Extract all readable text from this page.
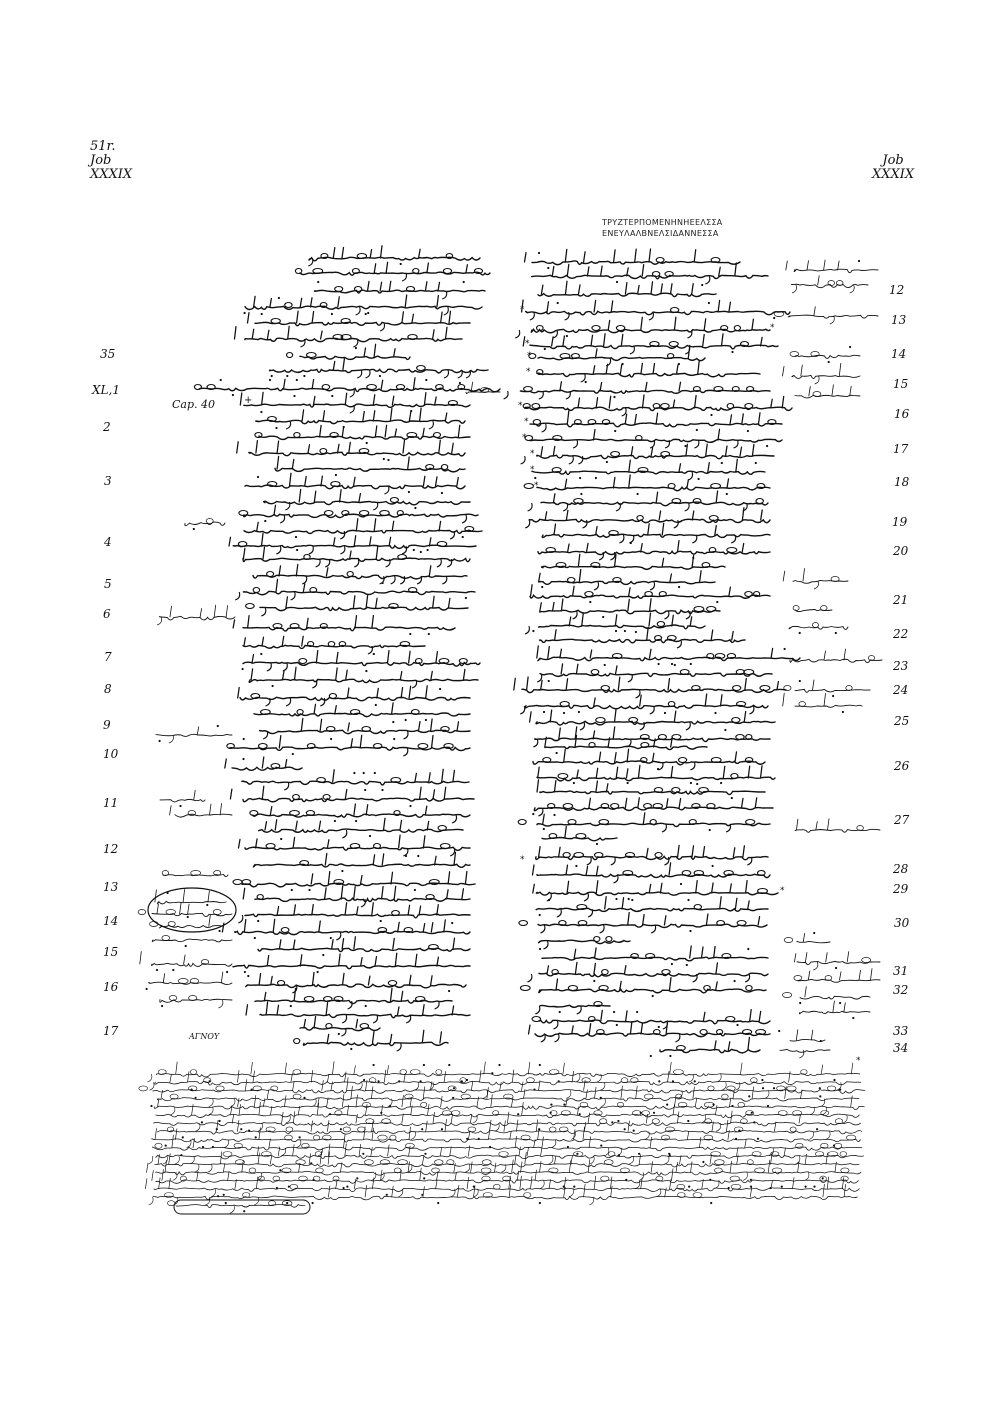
51r.
Job
XXXIX
Job
XXXIX
ΤΡΥΖΤΕΡΠΟΜΕΝΗΝΗΕΕΛΣΣΑ
ΕΝΕΥΛΑΛΒΝΕΛΣΙΔΑΝΝΕΣΣΑ
*
*
*
*
*
*
*
*
*
*
*
*
*
*
35
XL,1
2
3
4
5
6
7
8
9
10
11
12
13
14
15
16
17
12
13
14
15
16
17
18
19
20
21
22
23
24
25
26
27
28
29
30
31
32
33
34
Cap. 40	+
ΑΓΝΟΥ
